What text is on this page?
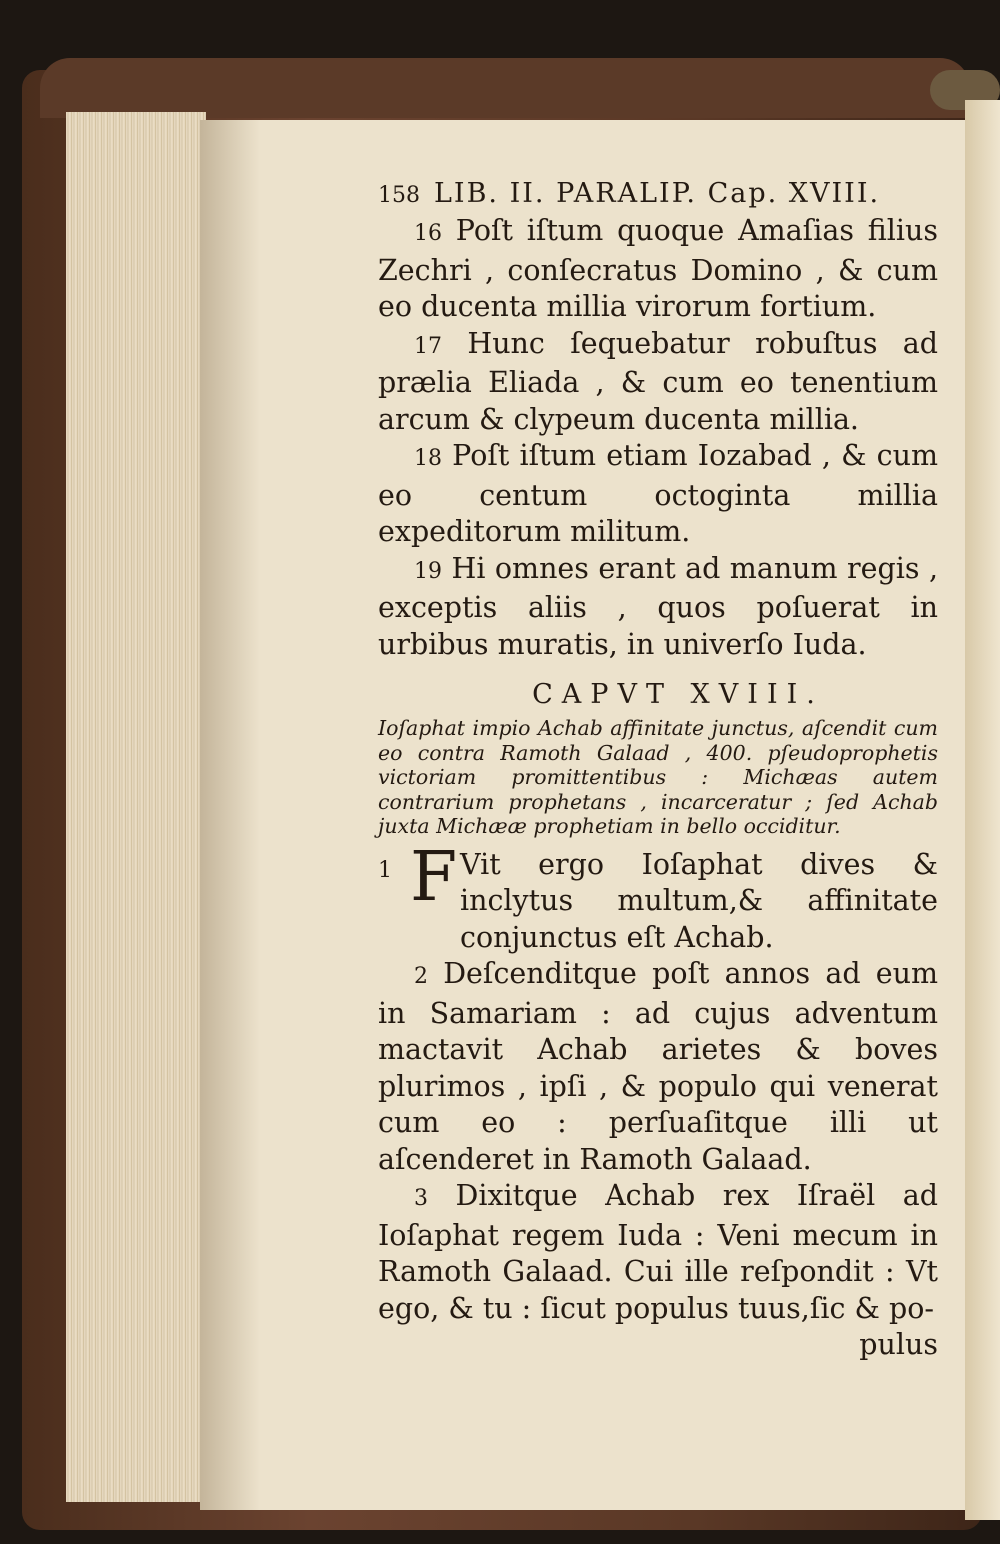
158 LIB. II. PARALIP. Cap. XVIII.

16 Poſt iſtum quoque Amaſias filius Zechri , conſecratus Domino , & cum eo ducenta millia virorum fortium.

17 Hunc ſequebatur robuſtus ad prælia Eliada , & cum eo tenentium arcum & clypeum ducenta millia.

18 Poſt iſtum etiam Iozabad , & cum eo centum octoginta millia expeditorum militum.

19 Hi omnes erant ad manum regis , exceptis aliis , quos poſuerat in urbibus muratis, in univerſo Iuda.

CAPVT XVIII.

Ioſaphat impio Achab affinitate junctus, aſcendit cum eo contra Ramoth Galaad , 400. pſeudoprophetis victoriam promittentibus : Michæas autem contrarium prophetans , incarceratur ; ſed Achab juxta Michææ prophetiam in bello occiditur.

1 F Vit ergo Ioſaphat dives & inclytus multum,& affinitate conjunctus eſt Achab.

2 Deſcenditque poſt annos ad eum in Samariam : ad cujus adventum mactavit Achab arietes & boves plurimos , ipſi , & populo qui venerat cum eo : perſuaſitque illi ut aſcenderet in Ramoth Galaad.

3 Dixitque Achab rex Iſraël ad Ioſaphat regem Iuda : Veni mecum in Ramoth Galaad. Cui ille reſpondit : Vt ego, & tu : ſicut populus tuus,ſic & po-

pulus
